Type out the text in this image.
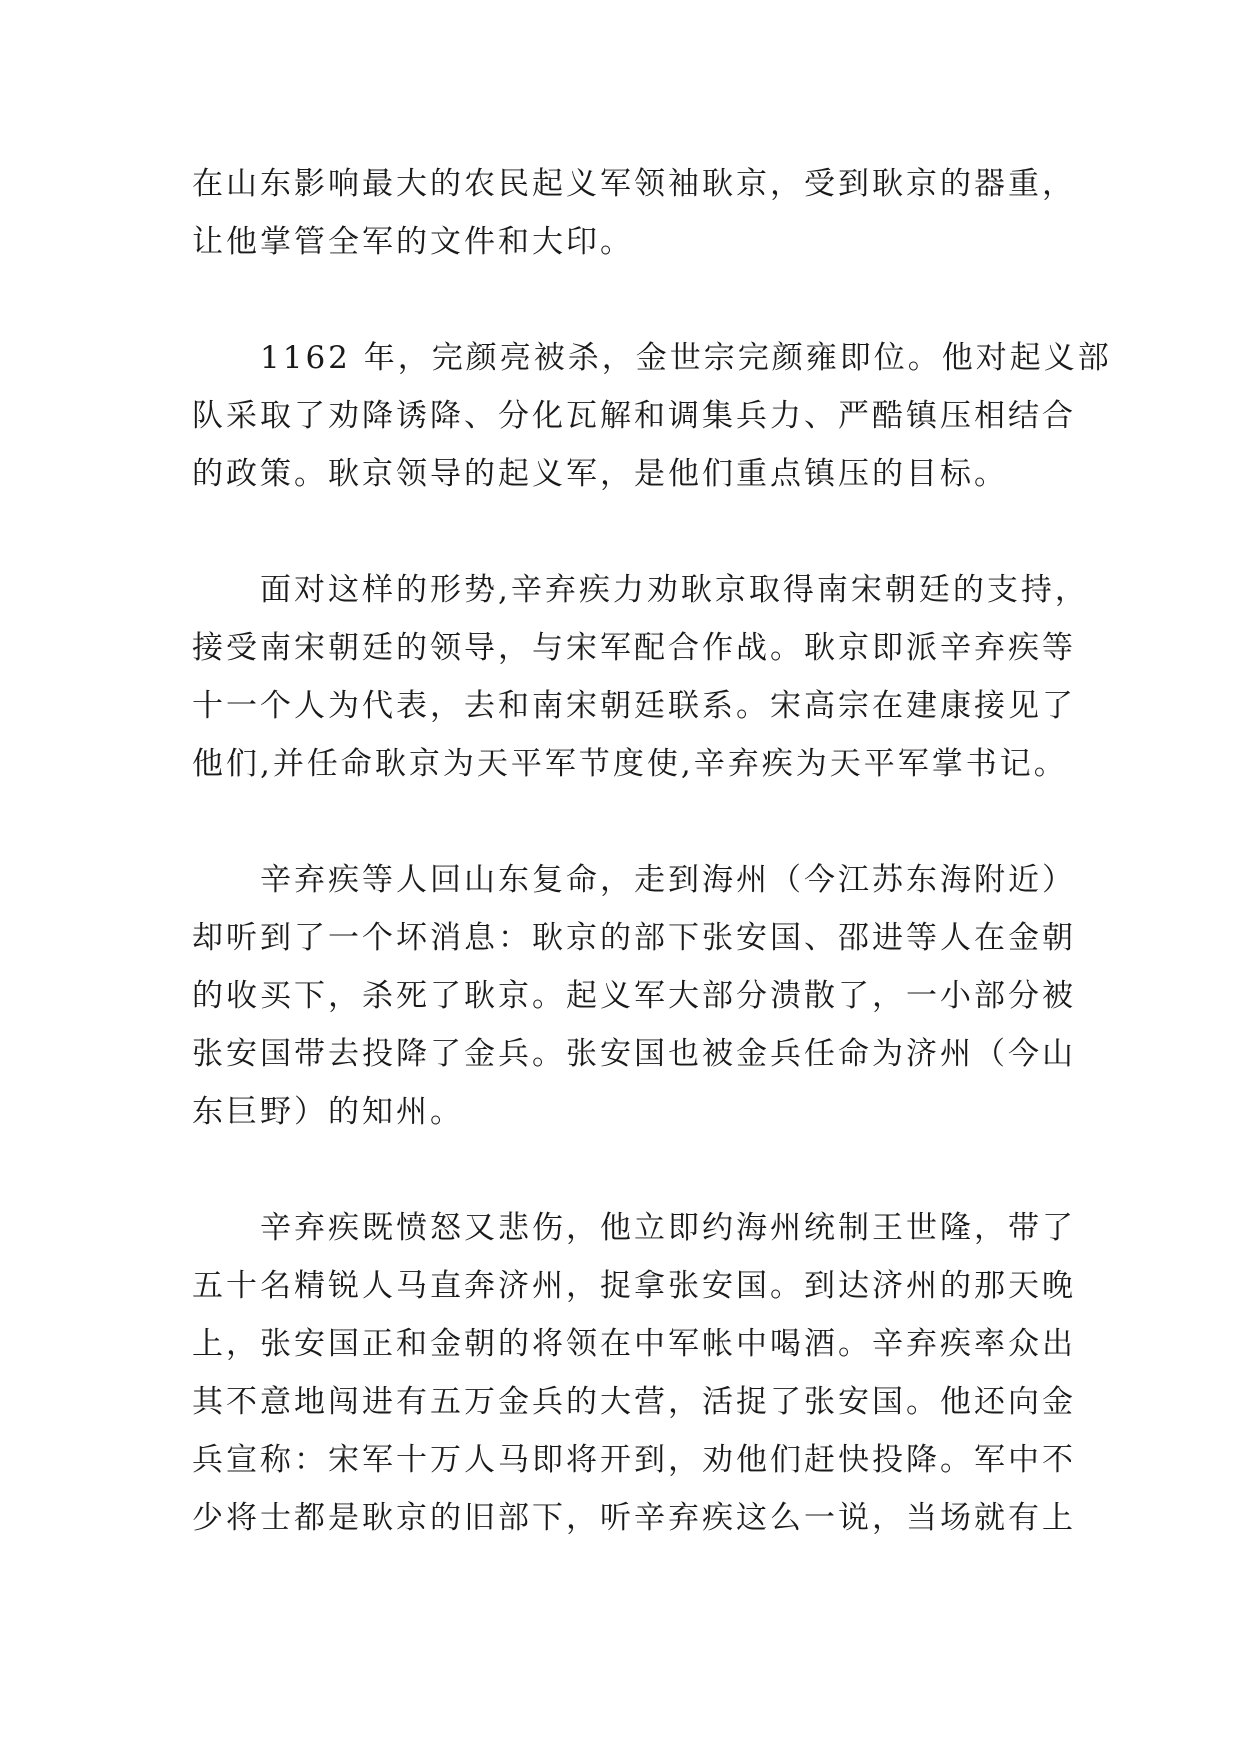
在山东影响最大的农民起义军领袖耿京，受到耿京的器重，
让他掌管全军的文件和大印。

1162 年，完颜亮被杀，金世宗完颜雍即位。他对起义部
队采取了劝降诱降、分化瓦解和调集兵力、严酷镇压相结合
的政策。耿京领导的起义军，是他们重点镇压的目标。

面对这样的形势,辛弃疾力劝耿京取得南宋朝廷的支持，
接受南宋朝廷的领导，与宋军配合作战。耿京即派辛弃疾等
十一个人为代表，去和南宋朝廷联系。宋高宗在建康接见了
他们,并任命耿京为天平军节度使,辛弃疾为天平军掌书记。

辛弃疾等人回山东复命，走到海州（今江苏东海附近）
却听到了一个坏消息：耿京的部下张安国、邵进等人在金朝
的收买下，杀死了耿京。起义军大部分溃散了，一小部分被
张安国带去投降了金兵。张安国也被金兵任命为济州（今山
东巨野）的知州。

辛弃疾既愤怒又悲伤，他立即约海州统制王世隆，带了
五十名精锐人马直奔济州，捉拿张安国。到达济州的那天晚
上，张安国正和金朝的将领在中军帐中喝酒。辛弃疾率众出
其不意地闯进有五万金兵的大营，活捉了张安国。他还向金
兵宣称：宋军十万人马即将开到，劝他们赶快投降。军中不
少将士都是耿京的旧部下，听辛弃疾这么一说，当场就有上
